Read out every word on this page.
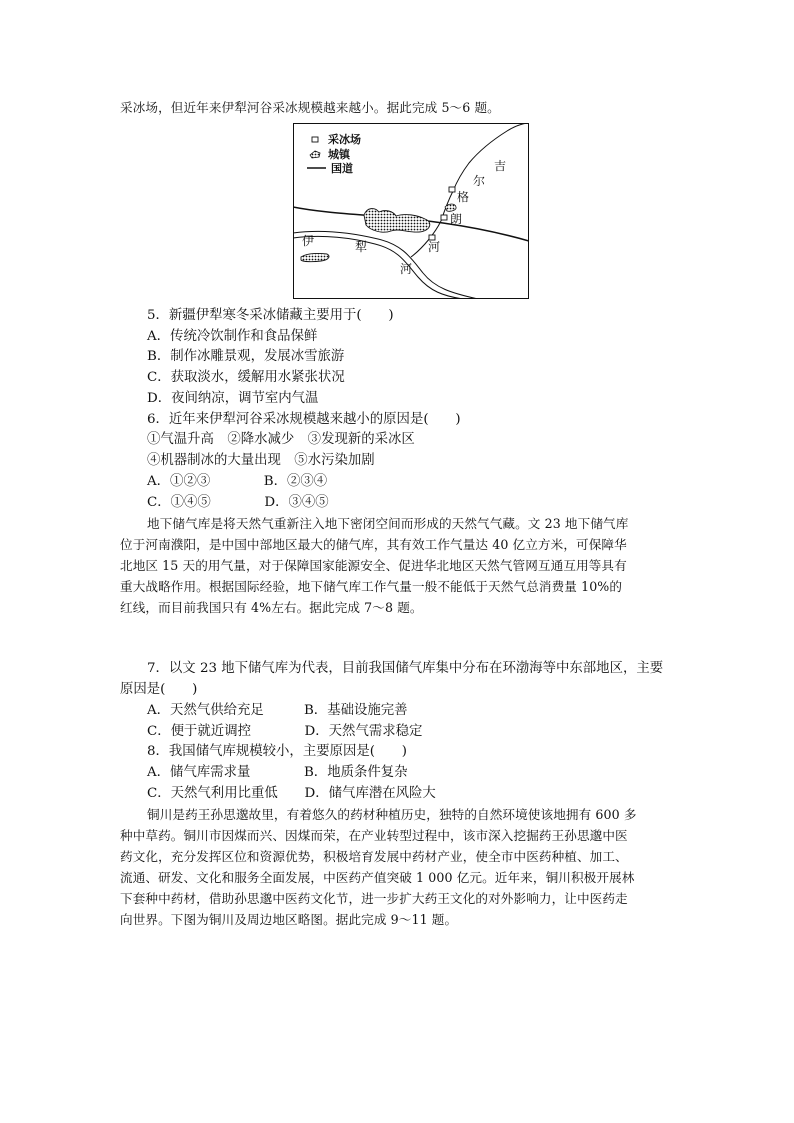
采冰场，但近年来伊犁河谷采冰规模越来越小。据此完成 5～6 题。
采冰场
城镇
国道	吉
尔
格
朗
伊	犁	河
河
5．新疆伊犁寒冬采冰储藏主要用于(　　)
A．传统冷饮制作和食品保鲜
B．制作冰雕景观，发展冰雪旅游
C．获取淡水，缓解用水紧张状况
D．夜间纳凉，调节室内气温
6．近年来伊犁河谷采冰规模越来越小的原因是(　　)
①气温升高　②降水减少　③发现新的采冰区
④机器制冰的大量出现　⑤水污染加剧
A．①②③　　　　B．②③④
C．①④⑤　　　　D．③④⑤
地下储气库是将天然气重新注入地下密闭空间而形成的天然气气藏。文 23 地下储气库
位于河南濮阳，是中国中部地区最大的储气库，其有效工作气量达 40 亿立方米，可保障华
北地区 15 天的用气量，对于保障国家能源安全、促进华北地区天然气管网互通互用等具有
重大战略作用。根据国际经验，地下储气库工作气量一般不能低于天然气总消费量 10%的
红线，而目前我国只有 4%左右。据此完成 7～8 题。
7．以文 23 地下储气库为代表，目前我国储气库集中分布在环渤海等中东部地区，主要
原因是(　　)
A．天然气供给充足　　　B．基础设施完善
C．便于就近调控　　　　D．天然气需求稳定
8．我国储气库规模较小，主要原因是(　　)
A．储气库需求量　　　　B．地质条件复杂
C．天然气利用比重低　　D．储气库潜在风险大
铜川是药王孙思邈故里，有着悠久的药材种植历史，独特的自然环境使该地拥有 600 多
种中草药。铜川市因煤而兴、因煤而荣，在产业转型过程中，该市深入挖掘药王孙思邈中医
药文化，充分发挥区位和资源优势，积极培育发展中药材产业，使全市中医药种植、加工、
流通、研发、文化和服务全面发展，中医药产值突破 1 000 亿元。近年来，铜川积极开展林
下套种中药材，借助孙思邈中医药文化节，进一步扩大药王文化的对外影响力，让中医药走
向世界。下图为铜川及周边地区略图。据此完成 9～11 题。
